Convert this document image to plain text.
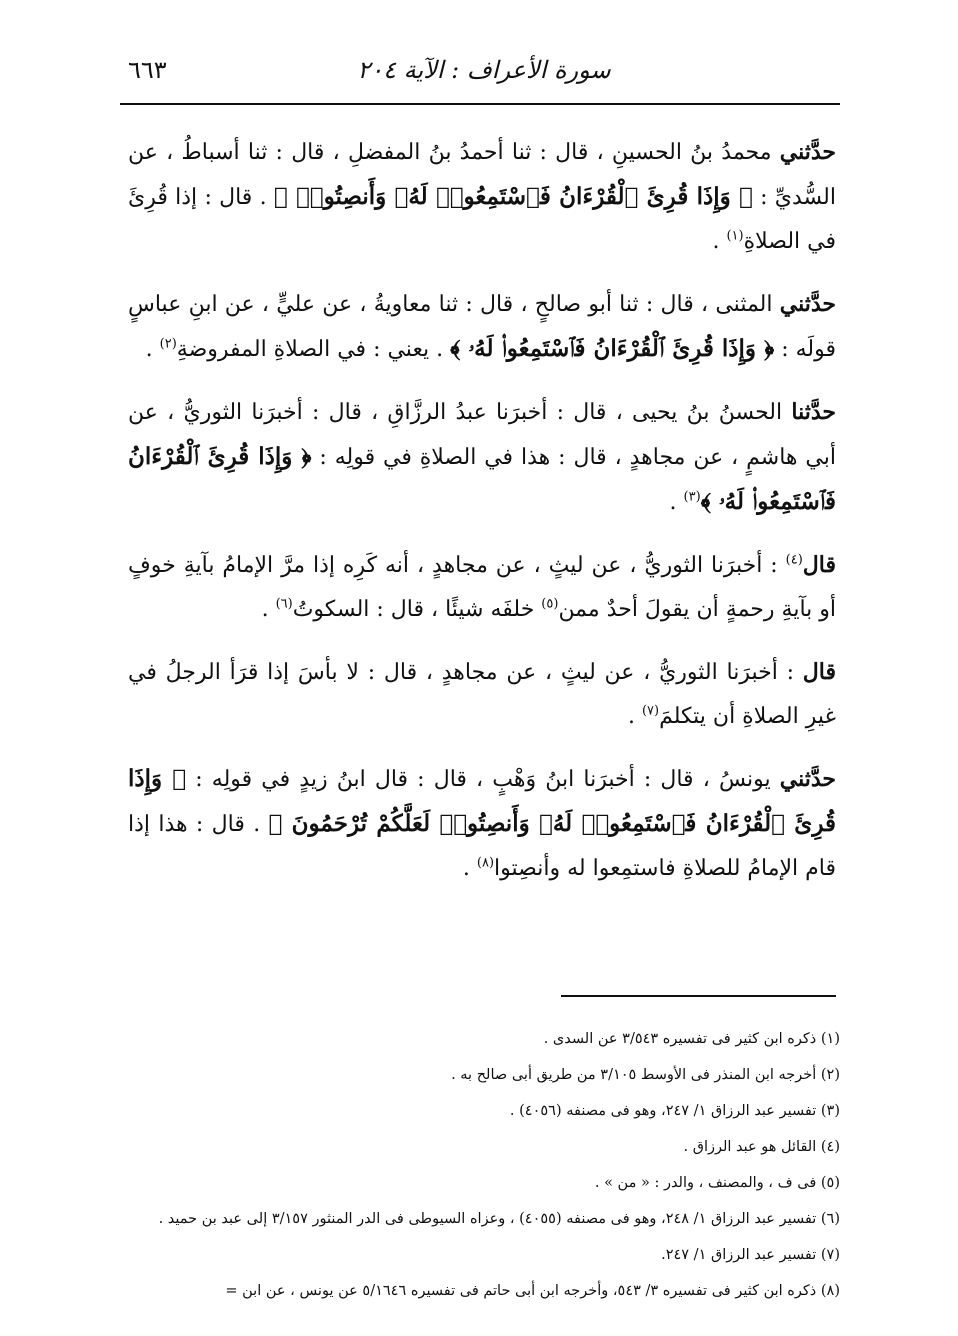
سورة الأعراف : الآية ٢٠٤
٦٦٣

حدَّثني محمدُ بنُ الحسينِ ، قال : ثنا أحمدُ بنُ المفضلِ ، قال : ثنا أسباطُ ، عن السُّديِّ : ﴿ وَإِذَا قُرِئَ ٱلْقُرْءَانُ فَٱسْتَمِعُوا۟ لَهُۥ وَأَنصِتُوا۟ ﴾ . قال : إذا قُرِئَ في الصلاةِ$^{(١)}$ .

حدَّثني المثنى ، قال : ثنا أبو صالحٍ ، قال : ثنا معاويةُ ، عن عليٍّ ، عن ابنِ عباسٍ قولَه : ﴿ وَإِذَا قُرِئَ ٱلْقُرْءَانُ فَٱسْتَمِعُوا۟ لَهُۥ ﴾ . يعني : في الصلاةِ المفروضةِ$^{(٢)}$ .

حدَّثنا الحسنُ بنُ يحيى ، قال : أخبرَنا عبدُ الرزَّاقِ ، قال : أخبرَنا الثوريُّ ، عن أبي هاشمٍ ، عن مجاهدٍ ، قال : هذا في الصلاةِ في قولِه : ﴿ وَإِذَا قُرِئَ ٱلْقُرْءَانُ فَٱسْتَمِعُوا۟ لَهُۥ ﴾$^{(٣)}$ .

قال$^{(٤)}$ : أخبرَنا الثوريُّ ، عن ليثٍ ، عن مجاهدٍ ، أنه كَرِه إذا مرَّ الإمامُ بآيةِ خوفٍ أو بآيةِ رحمةٍ أن يقولَ أحدٌ ممن$^{(٥)}$ خلفَه شيئًا ، قال : السكوتُ$^{(٦)}$ .

قال : أخبرَنا الثوريُّ ، عن ليثٍ ، عن مجاهدٍ ، قال : لا بأسَ إذا قرَأ الرجلُ في غيرِ الصلاةِ أن يتكلمَ$^{(٧)}$ .

حدَّثني يونسُ ، قال : أخبرَنا ابنُ وَهْبٍ ، قال : قال ابنُ زيدٍ في قولِه : ﴿ وَإِذَا قُرِئَ ٱلْقُرْءَانُ فَٱسْتَمِعُوا۟ لَهُۥ وَأَنصِتُوا۟ لَعَلَّكُمْ تُرْحَمُونَ ﴾ . قال : هذا إذا قام الإمامُ للصلاةِ فاستمِعوا له وأنصِتوا$^{(٨)}$ .

(١) ذكره ابن كثير فى تفسيره ٣/٥٤٣ عن السدى .

(٢) أخرجه ابن المنذر فى الأوسط ٣/١٠٥ من طريق أبى صالح به .

(٣) تفسير عبد الرزاق ١/ ٢٤٧، وهو فى مصنفه (٤٠٥٦) .

(٤) القائل هو عبد الرزاق .

(٥) فى ف ، والمصنف ، والدر : « من » .

(٦) تفسير عبد الرزاق ١/ ٢٤٨، وهو فى مصنفه (٤٠٥٥) ، وعزاه السيوطى فى الدر المنثور ٣/١٥٧ إلى عبد بن حميد .

(٧) تفسير عبد الرزاق ١/ ٢٤٧.

(٨) ذكره ابن كثير فى تفسيره ٣/ ٥٤٣، وأخرجه ابن أبى حاتم فى تفسيره ٥/١٦٤٦ عن يونس ، عن ابن =
